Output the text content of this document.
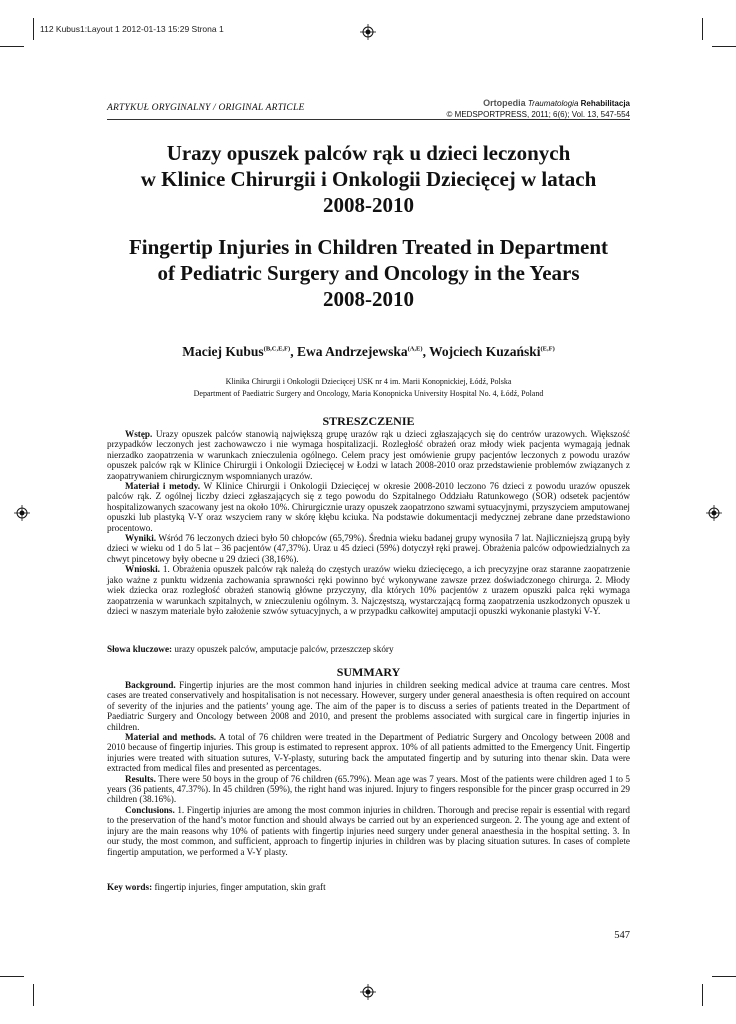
112 Kubus1:Layout 1 2012-01-13 15:29 Strona 1
ARTYKUŁ ORYGINALNY / ORIGINAL ARTICLE	Ortopedia Traumatologia Rehabilitacja
© MEDSPORTPRESS, 2011; 6(6); Vol. 13, 547-554
Urazy opuszek palców rąk u dzieci leczonych
w Klinice Chirurgii i Onkologii Dziecięcej w latach
2008-2010
Fingertip Injuries in Children Treated in Department
of Pediatric Surgery and Oncology in the Years
2008-2010
Maciej Kubus$^{(B,C,E,F)}$, Ewa Andrzejewska$^{(A,E)}$, Wojciech Kuzański$^{(E,F)}$
Klinika Chirurgii i Onkologii Dziecięcej USK nr 4 im. Marii Konopnickiej, Łódź, Polska
Department of Paediatric Surgery and Oncology, Maria Konopnicka University Hospital No. 4, Łódź, Poland
STRESZCZENIE

Wstęp. Urazy opuszek palców stanowią największą grupę urazów rąk u dzieci zgłaszających się do centrów urazowych. Większość przypadków leczonych jest zachowawczo i nie wymaga hospitalizacji. Rozległość obrażeń oraz młody wiek pacjenta wymagają jednak nierzadko zaopatrzenia w warunkach znieczulenia ogólnego. Celem pracy jest omówienie grupy pacjentów leczonych z powodu urazów opuszek palców rąk w Klinice Chirurgii i Onkologii Dziecięcej w Łodzi w latach 2008-2010 oraz przedstawienie problemów związanych z zaopatrywaniem chirurgicznym wspomnianych urazów.

Materiał i metody. W Klinice Chirurgii i Onkologii Dziecięcej w okresie 2008-2010 leczono 76 dzieci z powodu urazów opuszek palców rąk. Z ogólnej liczby dzieci zgłaszających się z tego powodu do Szpitalnego Oddziału Ratunkowego (SOR) odsetek pacjentów hospitalizowanych szacowany jest na około 10%. Chirurgicznie urazy opuszek zaopatrzono szwami sytuacyjnymi, przyszyciem amputowanej opuszki lub plastyką V-Y oraz wszyciem rany w skórę kłębu kciuka. Na podstawie dokumentacji medycznej zebrane dane przedstawiono procentowo.

Wyniki. Wśród 76 leczonych dzieci było 50 chłopców (65,79%). Średnia wieku badanej grupy wynosiła 7 lat. Najliczniejszą grupą były dzieci w wieku od 1 do 5 lat – 36 pacjentów (47,37%). Uraz u 45 dzieci (59%) dotyczył ręki prawej. Obrażenia palców odpowiedzialnych za chwyt pincetowy były obecne u 29 dzieci (38,16%).

Wnioski. 1. Obrażenia opuszek palców rąk należą do częstych urazów wieku dziecięcego, a ich precyzyjne oraz staranne zaopatrzenie jako ważne z punktu widzenia zachowania sprawności ręki powinno być wykonywane zawsze przez doświadczonego chirurga. 2. Młody wiek dziecka oraz rozległość obrażeń stanowią główne przyczyny, dla których 10% pacjentów z urazem opuszki palca ręki wymaga zaopatrzenia w warunkach szpitalnych, w znieczuleniu ogólnym. 3. Najczęstszą, wystarczającą formą zaopatrzenia uszkodzonych opuszek u dzieci w naszym materiale było założenie szwów sytuacyjnych, a w przypadku całkowitej amputacji opuszki wykonanie plastyki V-Y.

Słowa kluczowe: urazy opuszek palców, amputacje palców, przeszczep skóry
SUMMARY

Background. Fingertip injuries are the most common hand injuries in children seeking medical advice at trauma care centres. Most cases are treated conservatively and hospitalisation is not necessary. However, surgery under general anaesthesia is often required on account of severity of the injuries and the patients’ young age. The aim of the paper is to discuss a series of patients treated in the Department of Paediatric Surgery and Oncology between 2008 and 2010, and present the problems associated with surgical care in fingertip injuries in children.

Material and methods. A total of 76 children were treated in the Department of Pediatric Surgery and Oncology between 2008 and 2010 because of fingertip injuries. This group is estimated to represent approx. 10% of all patients admitted to the Emergency Unit. Fingertip injuries were treated with situation sutures, V-Y-plasty, suturing back the amputated fingertip and by suturing into thenar skin. Data were extracted from medical files and presented as percentages.

Results. There were 50 boys in the group of 76 children (65.79%). Mean age was 7 years. Most of the patients were children aged 1 to 5 years (36 patients, 47.37%). In 45 children (59%), the right hand was injured. Injury to fingers responsible for the pincer grasp occurred in 29 children (38.16%).

Conclusions. 1. Fingertip injuries are among the most common injuries in children. Thorough and precise repair is essential with regard to the preservation of the hand’s motor function and should always be carried out by an experienced surgeon. 2. The young age and extent of injury are the main reasons why 10% of patients with fingertip injuries need surgery under general anaesthesia in the hospital setting. 3. In our study, the most common, and sufficient, approach to fingertip injuries in children was by placing situation sutures. In cases of complete fingertip amputation, we performed a V-Y plasty.

Key words: fingertip injuries, finger amputation, skin graft
547
